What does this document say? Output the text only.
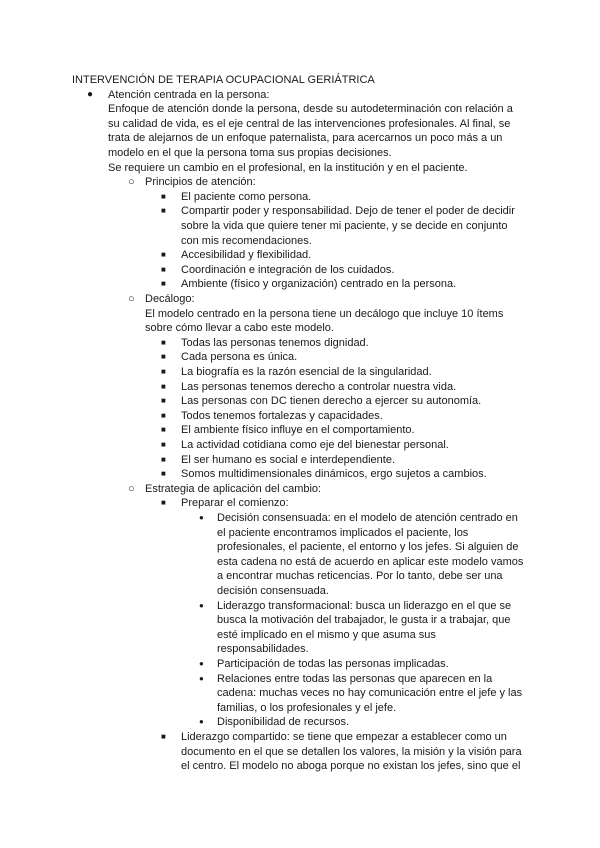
INTERVENCIÓN DE TERAPIA OCUPACIONAL GERIÁTRICA
● Atención centrada en la persona:
Enfoque de atención donde la persona, desde su autodeterminación con relación a
su calidad de vida, es el eje central de las intervenciones profesionales. Al final, se
trata de alejarnos de un enfoque paternalista, para acercarnos un poco más a un
modelo en el que la persona toma sus propias decisiones.
Se requiere un cambio en el profesional, en la institución y en el paciente.
○ Principios de atención:
■ El paciente como persona.
■ Compartir poder y responsabilidad. Dejo de tener el poder de decidir
sobre la vida que quiere tener mi paciente, y se decide en conjunto
con mis recomendaciones.
■ Accesibilidad y flexibilidad.
■ Coordinación e integración de los cuidados.
■ Ambiente (físico y organización) centrado en la persona.
○ Decálogo:
El modelo centrado en la persona tiene un decálogo que incluye 10 ítems
sobre cómo llevar a cabo este modelo.
■ Todas las personas tenemos dignidad.
■ Cada persona es única.
■ La biografía es la razón esencial de la singularidad.
■ Las personas tenemos derecho a controlar nuestra vida.
■ Las personas con DC tienen derecho a ejercer su autonomía.
■ Todos tenemos fortalezas y capacidades.
■ El ambiente físico influye en el comportamiento.
■ La actividad cotidiana como eje del bienestar personal.
■ El ser humano es social e interdependiente.
■ Somos multidimensionales dinámicos, ergo sujetos a cambios.
○ Estrategia de aplicación del cambio:
■ Preparar el comienzo:
● Decisión consensuada: en el modelo de atención centrado en
el paciente encontramos implicados el paciente, los
profesionales, el paciente, el entorno y los jefes. Si alguien de
esta cadena no está de acuerdo en aplicar este modelo vamos
a encontrar muchas reticencias. Por lo tanto, debe ser una
decisión consensuada.
● Liderazgo transformacional: busca un liderazgo en el que se
busca la motivación del trabajador, le gusta ir a trabajar, que
esté implicado en el mismo y que asuma sus
responsabilidades.
● Participación de todas las personas implicadas.
● Relaciones entre todas las personas que aparecen en la
cadena: muchas veces no hay comunicación entre el jefe y las
familias, o los profesionales y el jefe.
● Disponibilidad de recursos.
■ Liderazgo compartido: se tiene que empezar a establecer como un
documento en el que se detallen los valores, la misión y la visión para
el centro. El modelo no aboga porque no existan los jefes, sino que el
